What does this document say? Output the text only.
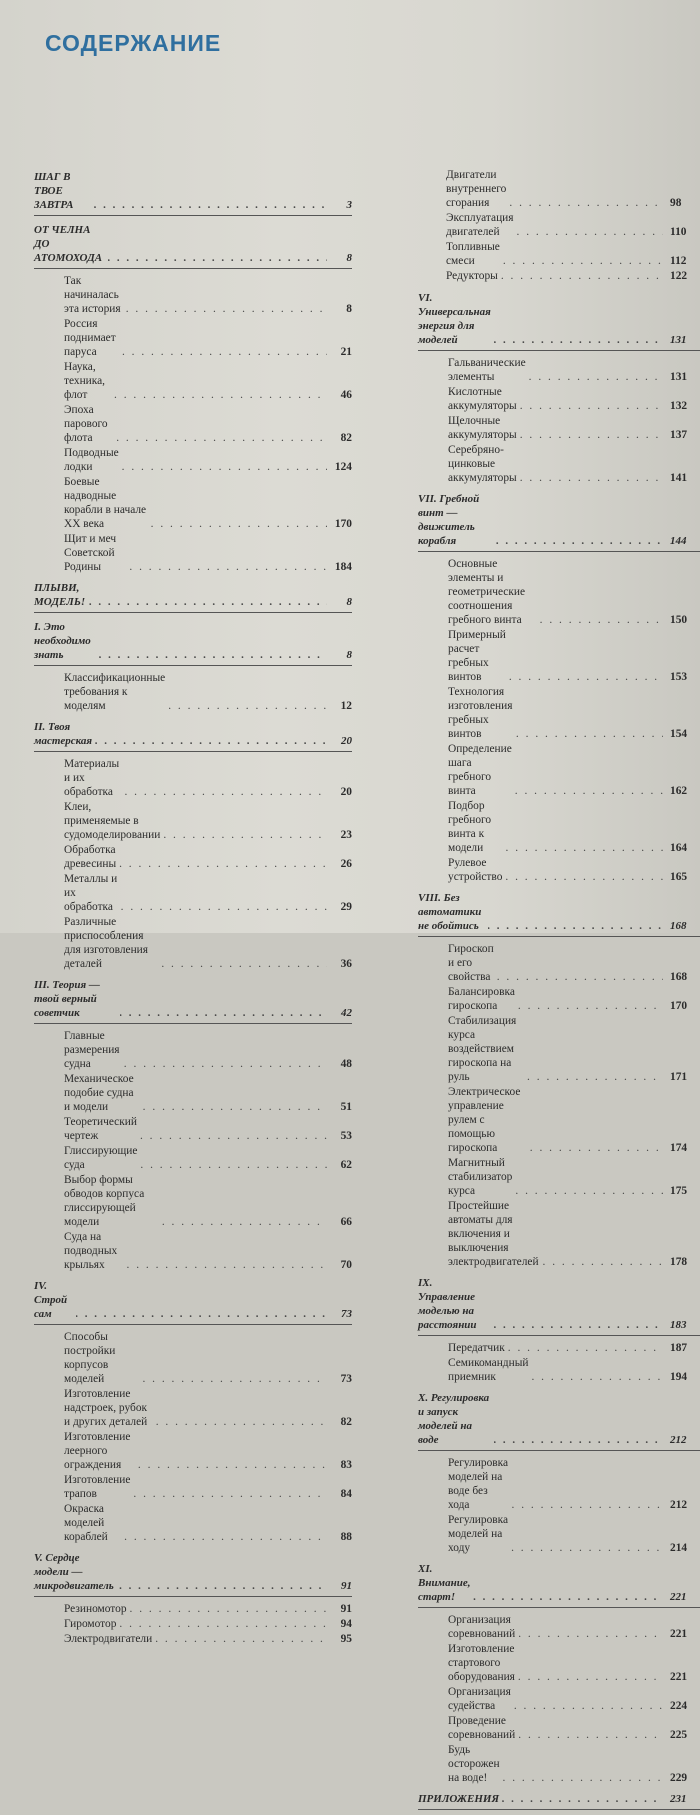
СОДЕРЖАНИЕ
ШАГ В ТВОЕ ЗАВТРА . . .	3
ОТ ЧЕЛНА ДО АТОМОХОДА . . .	8
Так начиналась эта история . . .	8
Россия поднимает паруса . . .	21
Наука, техника, флот . . .	46
Эпоха парового флота . . .	82
Подводные лодки . . .	124
Боевые надводные корабли в начале XX века . . .	170
Щит и меч Советской Родины . . .	184
ПЛЫВИ, МОДЕЛЬ! . . .	8
I. Это необходимо знать . . .	8
Классификационные требования к моделям . . .	12
II. Твоя мастерская . . .	20
Материалы и их обработка . . .	20
Клеи, применяемые в судомоделировании . . .	23
Обработка древесины . . .	26
Металлы и их обработка . . .	29
Различные приспособления для изготовления деталей . . .	36
III. Теория — твой верный советчик . . .	42
Главные размерения судна . . .	48
Механическое подобие судна и модели . . .	51
Теоретический чертеж . . .	53
Глиссирующие суда . . .	62
Выбор формы обводов корпуса глиссирующей модели . . .	66
Суда на подводных крыльях . . .	70
IV. Строй сам . . .	73
Способы постройки корпусов моделей . . .	73
Изготовление надстроек, рубок и других деталей . . .	82
Изготовление леерного ограждения . . .	83
Изготовление трапов . . .	84
Окраска моделей кораблей . . .	88
V. Сердце модели — микродвигатель . . .	91
Резиномотор . . .	91
Гиромотор . . .	94
Электродвигатели . . .	95
Двигатели внутреннего сгорания . . .	98
Эксплуатация двигателей . . .	110
Топливные смеси . . .	112
Редукторы . . .	122
VI. Универсальная энергия для моделей . . .	131
Гальванические элементы . . .	131
Кислотные аккумуляторы . . .	132
Щелочные аккумуляторы . . .	137
Серебряно-цинковые аккумуляторы . . .	141
VII. Гребной винт — движитель корабля . . .	144
Основные элементы и геометрические соотношения гребного винта . . .	150
Примерный расчет гребных винтов . . .	153
Технология изготовления гребных винтов . . .	154
Определение шага гребного винта . . .	162
Подбор гребного винта к модели . . .	164
Рулевое устройство . . .	165
VIII. Без автоматики не обойтись . . .	168
Гироскоп и его свойства . . .	168
Балансировка гироскопа . . .	170
Стабилизация курса воздействием гироскопа на руль . . .	171
Электрическое управление рулем с помощью гироскопа . . .	174
Магнитный стабилизатор курса . . .	175
Простейшие автоматы для включения и выключения электродвигателей . . .	178
IX. Управление моделью на расстоянии . . .	183
Передатчик . . .	187
Семикомандный приемник . . .	194
X. Регулировка и запуск моделей на воде . . .	212
Регулировка моделей на воде без хода . . .	212
Регулировка моделей на ходу . . .	214
XI. Внимание, старт! . . .	221
Организация соревнований . . .	221
Изготовление стартового оборудования . . .	221
Организация судейства . . .	224
Проведение соревнований . . .	225
Будь осторожен на воде! . . .	229
ПРИЛОЖЕНИЯ . . .	231
